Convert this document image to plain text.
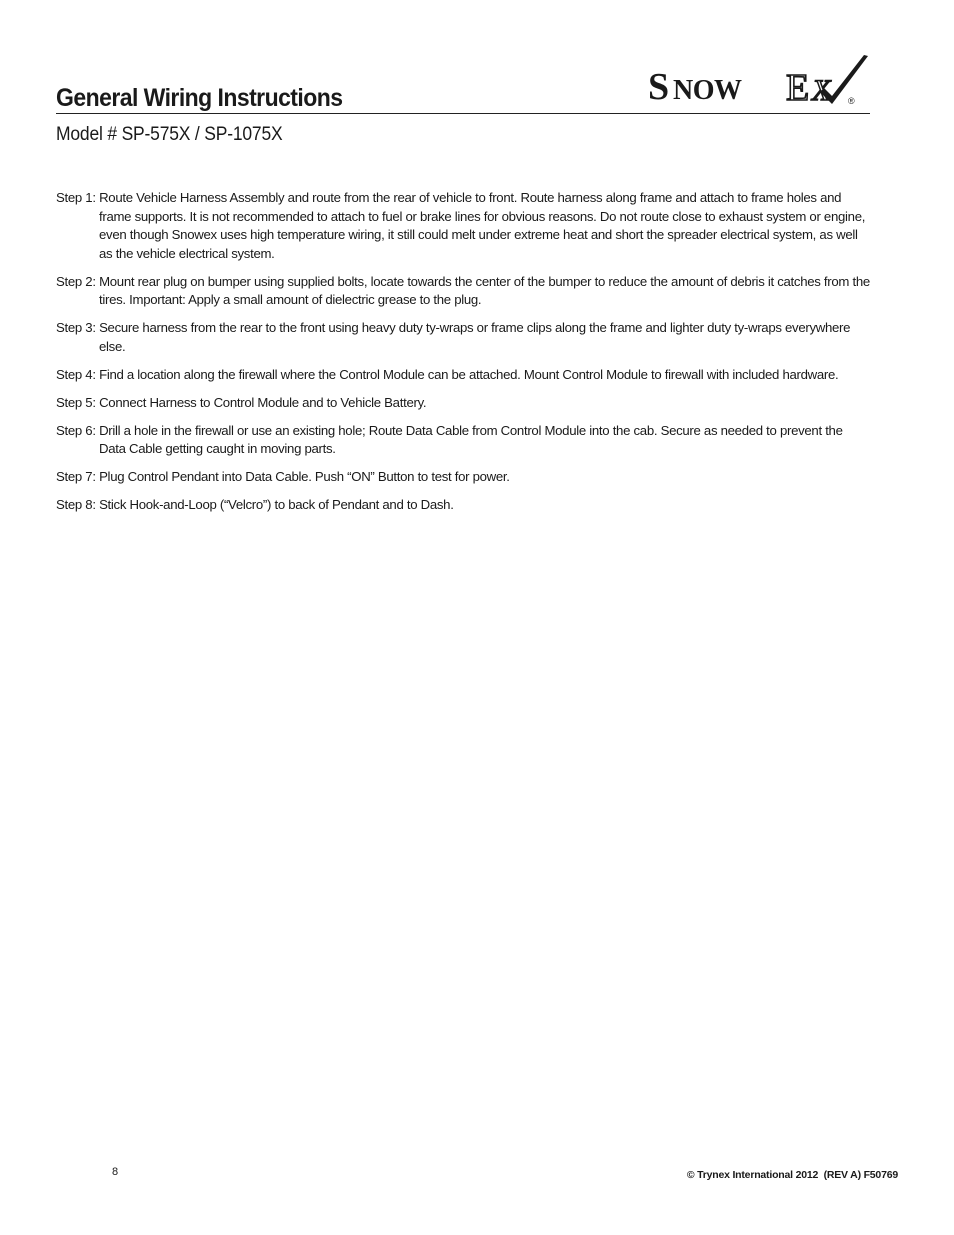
General Wiring Instructions	S NOW E X ®
Model # SP-575X / SP-1075X
Step 1: Route Vehicle Harness Assembly and route from the rear of vehicle to front. Route harness along frame and attach to frame holes and frame supports. It is not recommended to attach to fuel or brake lines for obvious reasons. Do not route close to exhaust system or engine, even though Snowex uses high temperature wiring, it still could melt under extreme heat and short the spreader electrical system, as well as the vehicle electrical system.
Step 2: Mount rear plug on bumper using supplied bolts, locate towards the center of the bumper to reduce the amount of debris it catches from the tires. Important: Apply a small amount of dielectric grease to the plug.
Step 3: Secure harness from the rear to the front using heavy duty ty-wraps or frame clips along the frame and lighter duty ty-wraps everywhere else.
Step 4: Find a location along the firewall where the Control Module can be attached. Mount Control Module to firewall with included hardware.
Step 5: Connect Harness to Control Module and to Vehicle Battery.
Step 6: Drill a hole in the firewall or use an existing hole; Route Data Cable from Control Module into the cab. Secure as needed to prevent the Data Cable getting caught in moving parts.
Step 7: Plug Control Pendant into Data Cable. Push “ON” Button to test for power.
Step 8: Stick Hook-and-Loop (“Velcro”) to back of Pendant and to Dash.
8	© Trynex International 2012  (REV A) F50769
